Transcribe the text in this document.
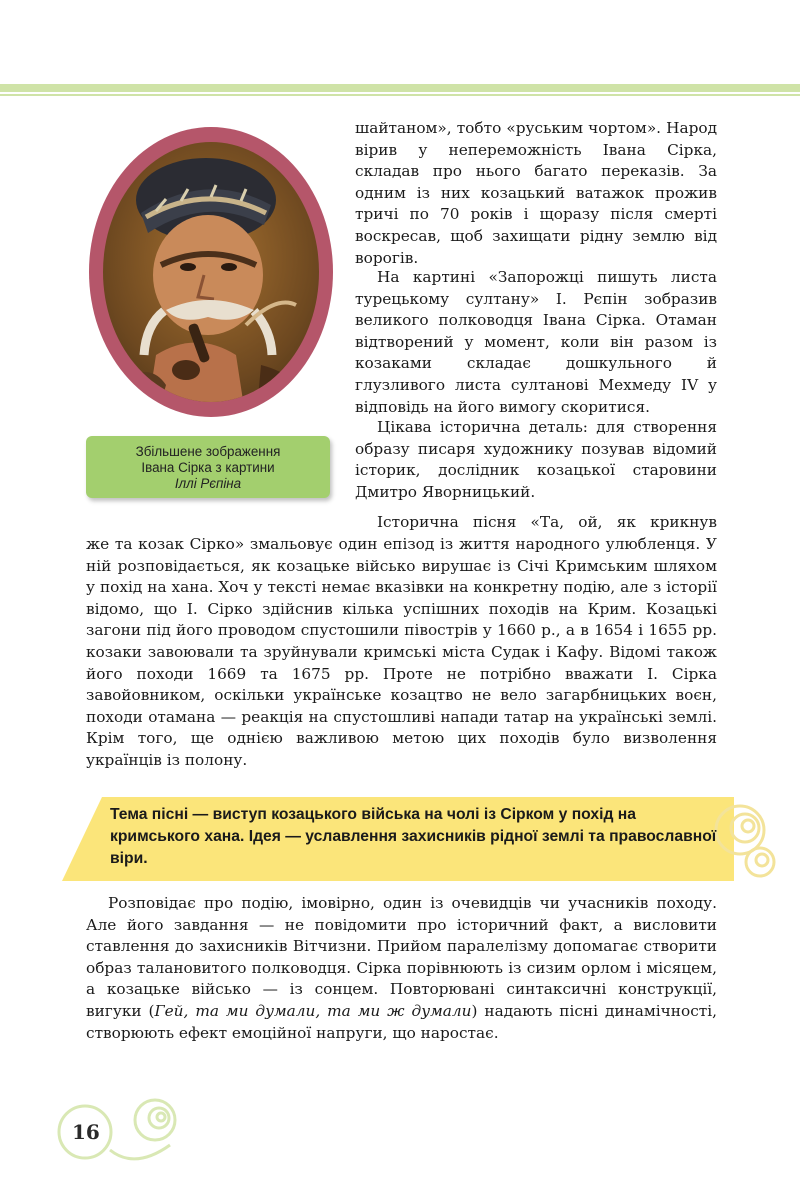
Збільшене зображення
Івана Сірка з картини
Іллі Рєпіна
шайтаном», тобто «руським чортом». Народ вірив у непереможність Івана Сірка, складав про нього багато переказів. За одним із них козацький ватажок прожив тричі по 70 років і щоразу після смерті воскресав, щоб захищати рідну землю від ворогів.
На картині «Запорожці пишуть листа турецькому султану» І. Рєпін зобразив великого полководця Івана Сірка. Отаман відтворений у момент, коли він разом із козаками складає дошкульного й глузливого листа султанові Мехмеду IV у відповідь на його вимогу скоритися.
Цікава історична деталь: для створення образу писаря художнику позував відомий історик, дослідник козацької старовини Дмитро Яворницький.
Історична пісня «Та, ой, як крикнув
же та козак Сірко» змальовує один епізод із життя народного улюбленця. У ній розповідається, як козацьке військо вирушає із Січі Кримським шляхом у похід на хана. Хоч у тексті немає вказівки на конкретну подію, але з історії відомо, що І. Сірко здійснив кілька успішних походів на Крим. Козацькі загони під його проводом спустошили півострів у 1660 р., а в 1654 і 1655 рр. козаки завоювали та зруйнували кримські міста Судак і Кафу. Відомі також його походи 1669 та 1675 рр. Проте не потрібно вважати І. Сірка завойовником, оскільки українське козацтво не вело загарбницьких воєн, походи отамана — реакція на спустошливі напади татар на українські землі. Крім того, ще однією важливою метою цих походів було визволення українців із полону.
Тема пісні — виступ козацького війська на чолі із Сірком у похід на кримського хана. Ідея — уславлення захисників рідної землі та православної віри.
Розповідає про подію, імовірно, один із очевидців чи учасників походу. Але його завдання — не повідомити про історичний факт, а висловити ставлення до захисників Вітчизни. Прийом паралелізму допомагає створити образ талановитого полководця. Сірка порівнюють із сизим орлом і місяцем, а козацьке військо — із сонцем. Повторювані синтаксичні конструкції, вигуки (Гей, та ми думали, та ми ж думали) надають пісні динамічності, створюють ефект емоційної напруги, що наростає.
16
